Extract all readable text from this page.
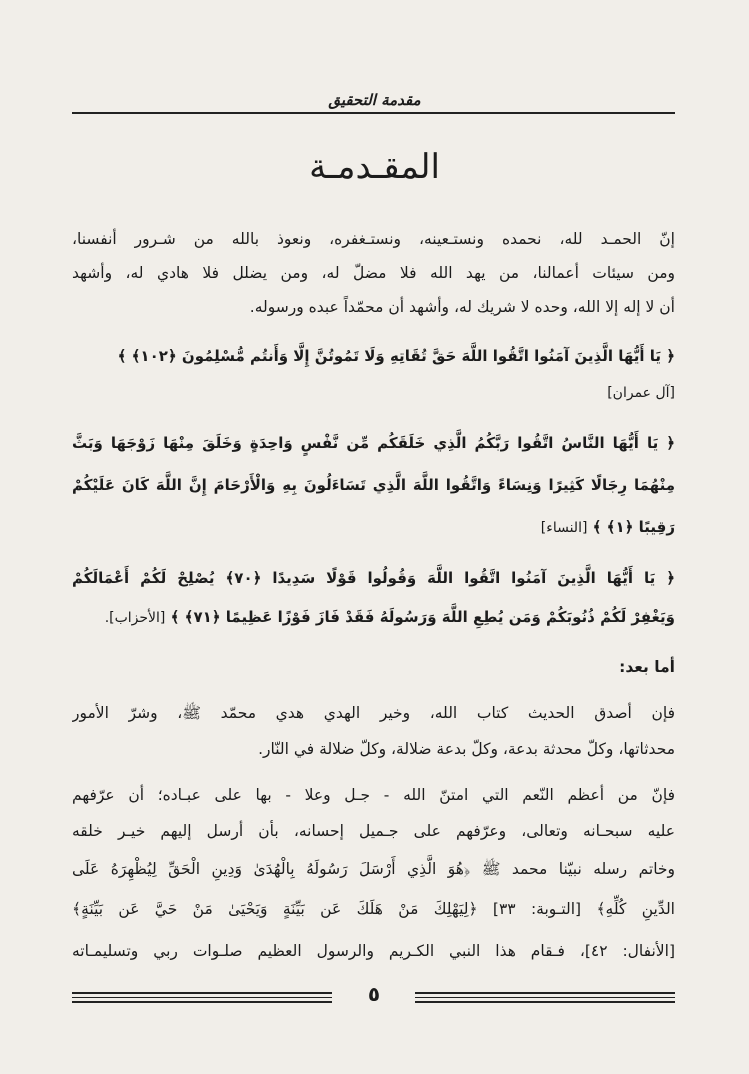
مقدمة التحقيق
المقـدمـة
إنّ الحمـد لله، نحمده ونستـعينه، ونستـغفره، ونعوذ بالله من شـرور أنفسنا،
ومن سيئات أعمالنا، من يهد الله فلا مضلّ له، ومن يضلل فلا هادي له، وأشهد
أن لا إله إلا الله، وحده لا شريك له، وأشهد أن محمّداً عبده ورسوله.
﴿ يَا أَيُّهَا الَّذِينَ آمَنُوا اتَّقُوا اللَّهَ حَقَّ تُقَاتِهِ وَلَا تَمُوتُنَّ إِلَّا وَأَنتُم مُّسْلِمُونَ ﴿١٠٢﴾ ﴾
[آل عمران]
﴿ يَا أَيُّهَا النَّاسُ اتَّقُوا رَبَّكُمُ الَّذِي خَلَقَكُم مِّن نَّفْسٍ وَاحِدَةٍ وَخَلَقَ مِنْهَا زَوْجَهَا وَبَثَّ
مِنْهُمَا رِجَالًا كَثِيرًا وَنِسَاءً وَاتَّقُوا اللَّهَ الَّذِي تَسَاءَلُونَ بِهِ وَالْأَرْحَامَ إِنَّ اللَّهَ كَانَ عَلَيْكُمْ
رَقِيبًا ﴿١﴾ ﴾ [النساء]
﴿ يَا أَيُّهَا الَّذِينَ آمَنُوا اتَّقُوا اللَّهَ وَقُولُوا قَوْلًا سَدِيدًا ﴿٧٠﴾ يُصْلِحْ لَكُمْ أَعْمَالَكُمْ
وَيَغْفِرْ لَكُمْ ذُنُوبَكُمْ وَمَن يُطِعِ اللَّهَ وَرَسُولَهُ فَقَدْ فَازَ فَوْزًا عَظِيمًا ﴿٧١﴾ ﴾ [الأحزاب].
أما بعد:
فإن أصدق الحديث كتاب الله، وخير الهدي هدي محمّد ﷺ، وشرّ الأمور
محدثاتها، وكلّ محدثة بدعة، وكلّ بدعة ضلالة، وكلّ ضلالة في النّار.
فإنّ من أعظم النّعم التي امتنّ الله - جـل وعلا - بها على عبـاده؛ أن عرّفهم
عليه سبحـانه وتعالى، وعرّفهم على جـميل إحسانه، بأن أرسل إليهم خيـر خلقه
وخاتم رسله نبيّنا محمد ﷺ ﴿هُوَ الَّذِي أَرْسَلَ رَسُولَهُ بِالْهُدَىٰ وَدِينِ الْحَقِّ لِيُظْهِرَهُ عَلَى
الدِّينِ كُلِّهِ﴾ [التـوبة: ٣٣] ﴿لِيَهْلِكَ مَنْ هَلَكَ عَن بَيِّنَةٍ وَيَحْيَىٰ مَنْ حَيَّ عَن بَيِّنَةٍ﴾
[الأنفال: ٤٢]، فـقام هذا النبي الكـريم والرسول العظيم صلـوات ربي وتسليمـاته
٥
